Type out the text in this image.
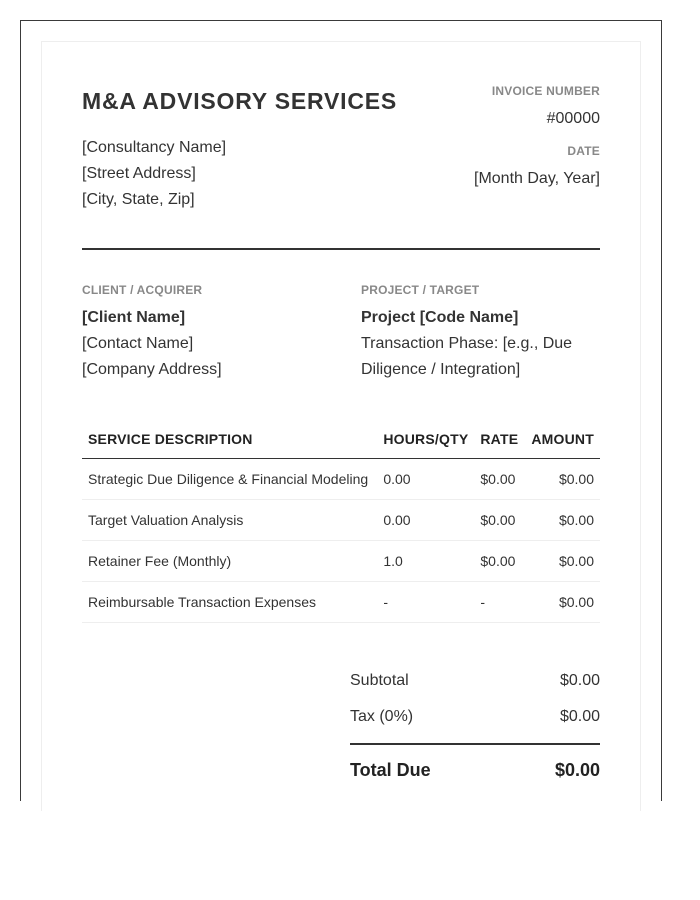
M&A ADVISORY SERVICES
[Consultancy Name]
[Street Address]
[City, State, Zip]
INVOICE NUMBER
#00000
DATE
[Month Day, Year]
CLIENT / ACQUIRER
[Client Name]
[Contact Name]
[Company Address]
PROJECT / TARGET
Project [Code Name]
Transaction Phase: [e.g., Due
Diligence / Integration]
SERVICE DESCRIPTION	HOURS/QTY	RATE	AMOUNT
Strategic Due Diligence & Financial Modeling	0.00	$0.00	$0.00
Target Valuation Analysis	0.00	$0.00	$0.00
Retainer Fee (Monthly)	1.0	$0.00	$0.00
Reimbursable Transaction Expenses	-	-	$0.00
Subtotal	$0.00
Tax (0%)	$0.00
Total Due	$0.00
